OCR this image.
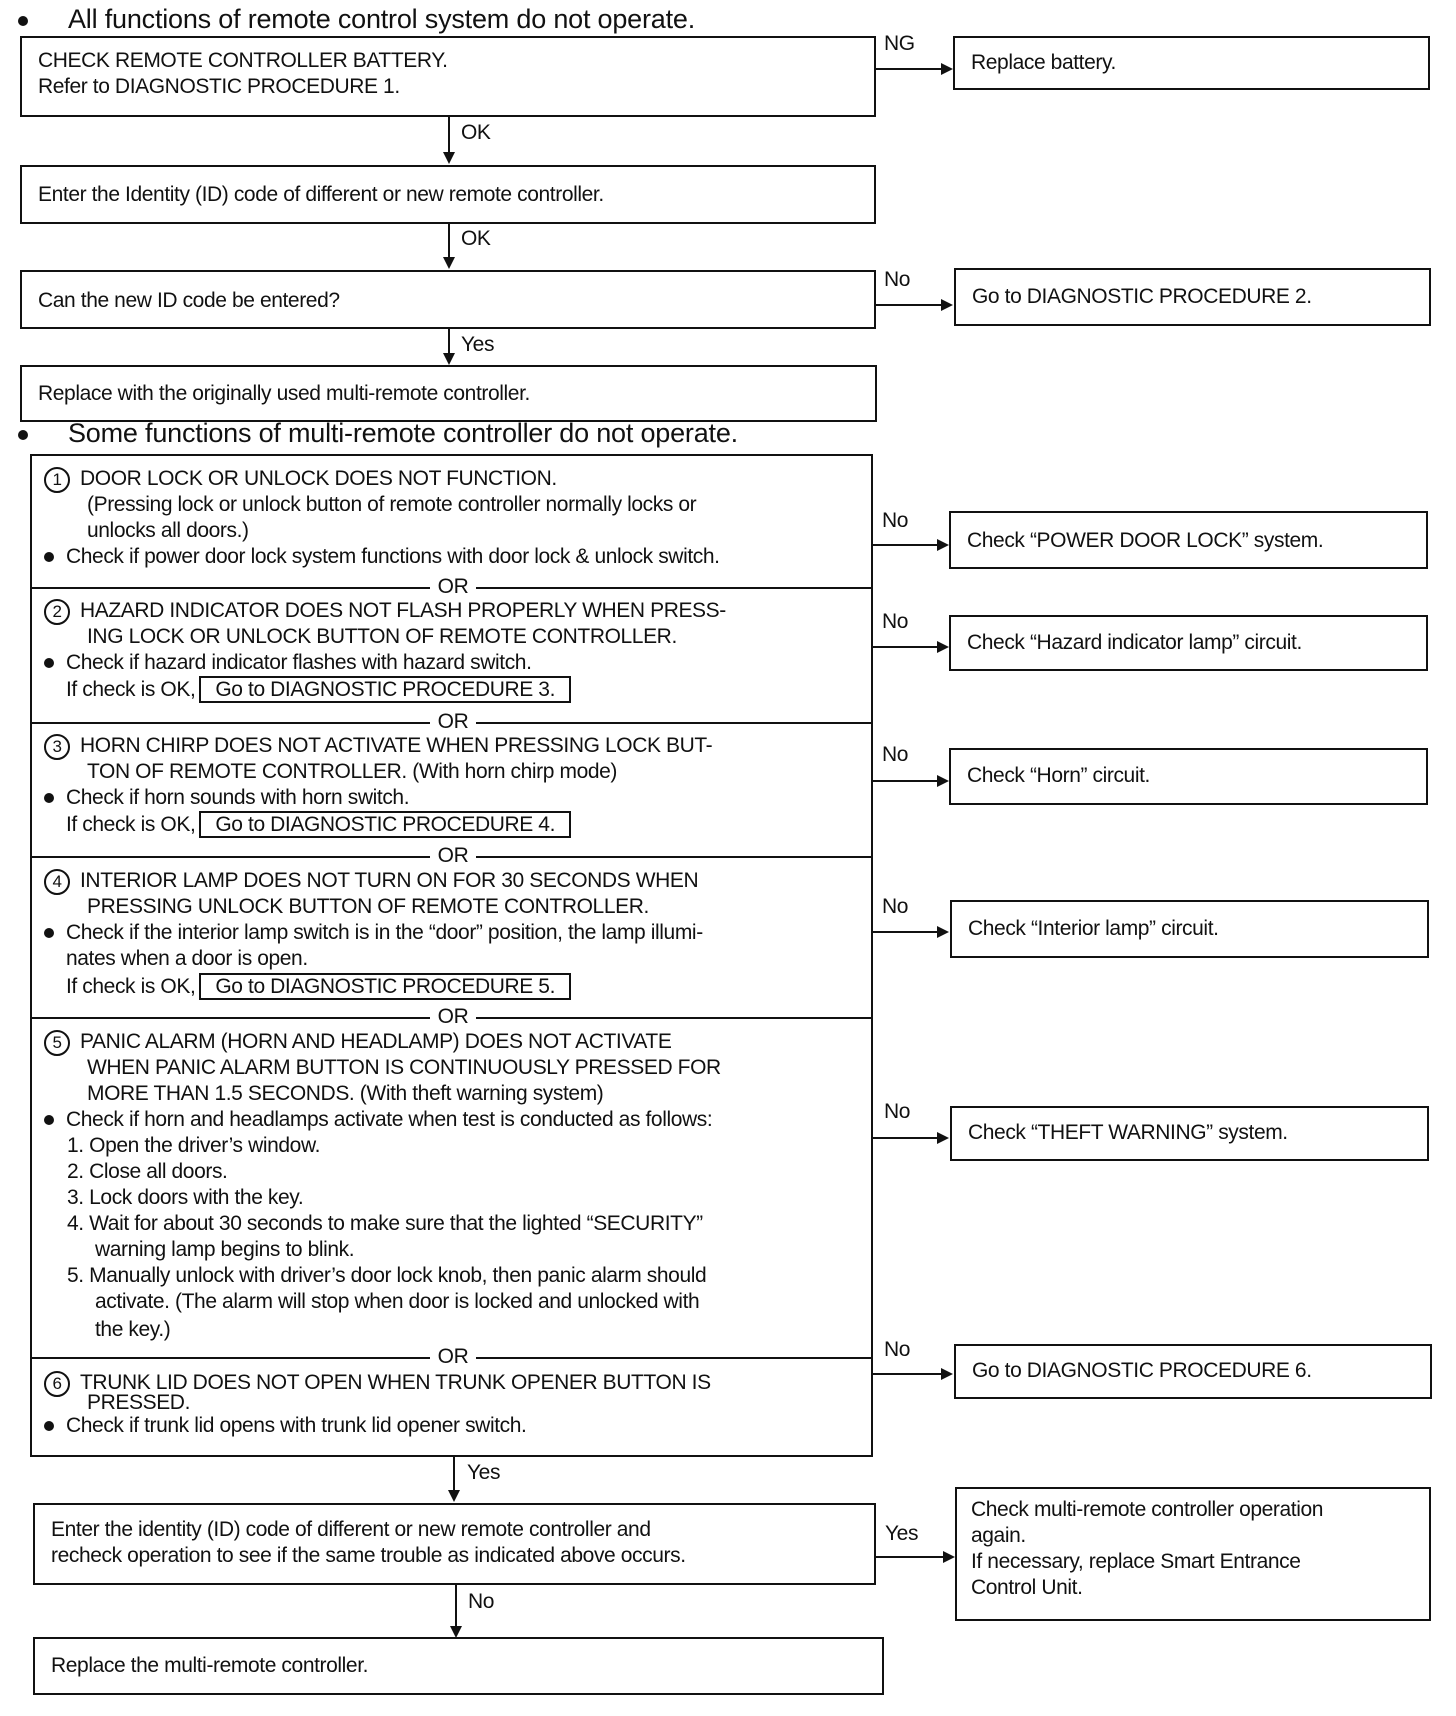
All functions of remote control system do not operate.
CHECK REMOTE CONTROLLER BATTERY.
Refer to DIAGNOSTIC PROCEDURE 1.
NG
Replace battery.
OK
Enter the Identity (ID) code of different or new remote controller.
OK
Can the new ID code be entered?
No
Go to DIAGNOSTIC PROCEDURE 2.
Yes
Replace with the originally used multi-remote controller.
Some functions of multi-remote controller do not operate.
1 DOOR LOCK OR UNLOCK DOES NOT FUNCTION.
(Pressing lock or unlock button of remote controller normally locks or
unlocks all doors.)
Check if power door lock system functions with door lock & unlock switch.
OR
2 HAZARD INDICATOR DOES NOT FLASH PROPERLY WHEN PRESS-
ING LOCK OR UNLOCK BUTTON OF REMOTE CONTROLLER.
Check if hazard indicator flashes with hazard switch.
If check is OK, Go to DIAGNOSTIC PROCEDURE 3.
OR
3 HORN CHIRP DOES NOT ACTIVATE WHEN PRESSING LOCK BUT-
TON OF REMOTE CONTROLLER. (With horn chirp mode)
Check if horn sounds with horn switch.
If check is OK, Go to DIAGNOSTIC PROCEDURE 4.
OR
4 INTERIOR LAMP DOES NOT TURN ON FOR 30 SECONDS WHEN
PRESSING UNLOCK BUTTON OF REMOTE CONTROLLER.
Check if the interior lamp switch is in the “door” position, the lamp illumi-
nates when a door is open.
If check is OK, Go to DIAGNOSTIC PROCEDURE 5.
OR
5 PANIC ALARM (HORN AND HEADLAMP) DOES NOT ACTIVATE
WHEN PANIC ALARM BUTTON IS CONTINUOUSLY PRESSED FOR
MORE THAN 1.5 SECONDS. (With theft warning system)
Check if horn and headlamps activate when test is conducted as follows:
1. Open the driver’s window.
2. Close all doors.
3. Lock doors with the key.
4. Wait for about 30 seconds to make sure that the lighted “SECURITY”
warning lamp begins to blink.
5. Manually unlock with driver’s door lock knob, then panic alarm should
activate. (The alarm will stop when door is locked and unlocked with
the key.)
OR
6 TRUNK LID DOES NOT OPEN WHEN TRUNK OPENER BUTTON IS
PRESSED.
Check if trunk lid opens with trunk lid opener switch.
No
Check “POWER DOOR LOCK” system.
No
Check “Hazard indicator lamp” circuit.
No
Check “Horn” circuit.
No
Check “Interior lamp” circuit.
No
Check “THEFT WARNING” system.
No
Go to DIAGNOSTIC PROCEDURE 6.
Yes
Enter the identity (ID) code of different or new remote controller and
recheck operation to see if the same trouble as indicated above occurs.
Yes
Check multi-remote controller operation
again.
If necessary, replace Smart Entrance
Control Unit.
No
Replace the multi-remote controller.
